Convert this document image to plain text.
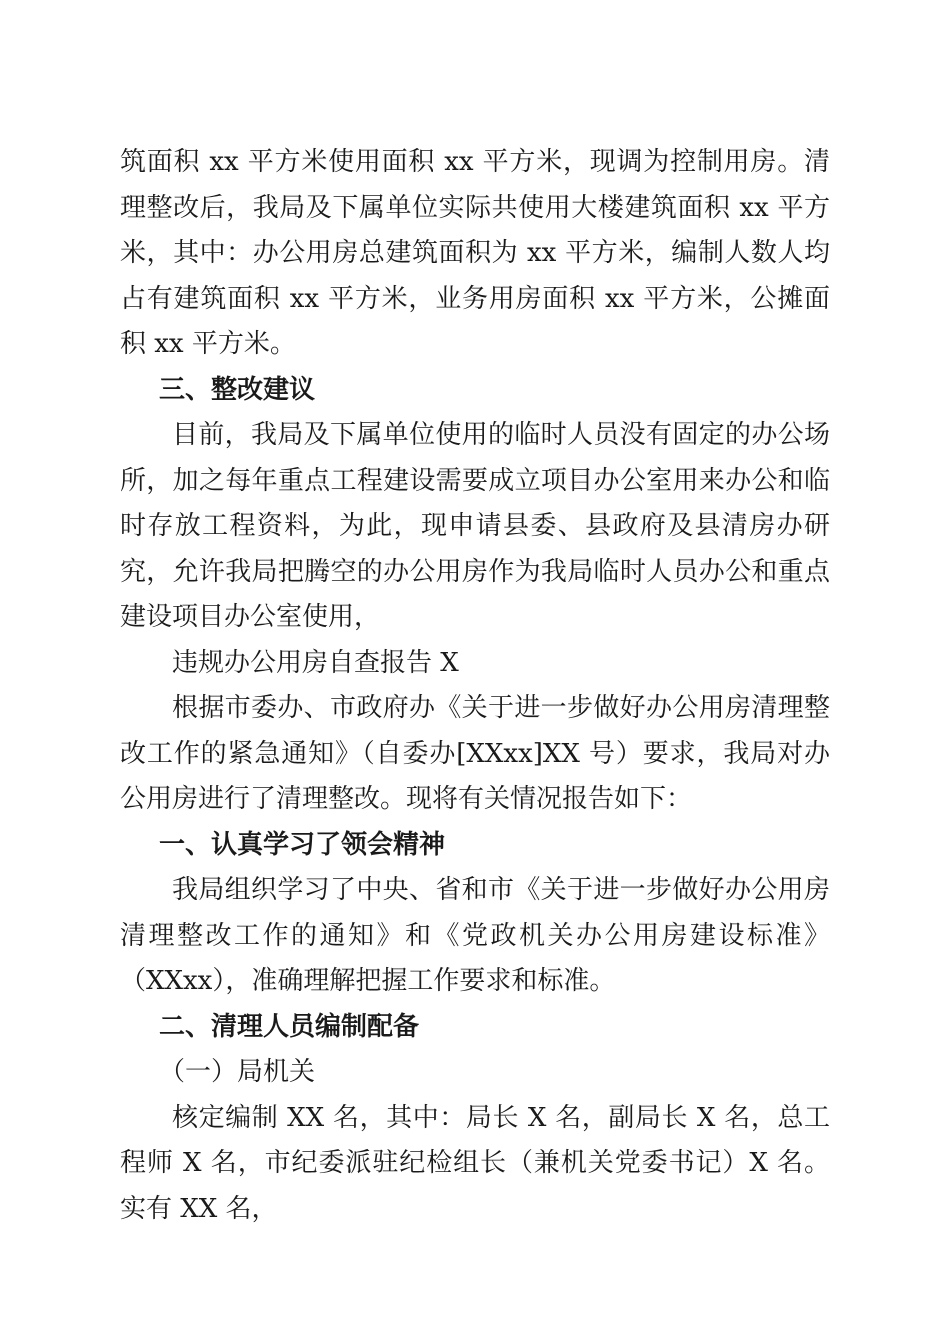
筑面积 xx 平方米使用面积 xx 平方米，现调为控制用房。清理整改后，我局及下属单位实际共使用大楼建筑面积 xx 平方米，其中：办公用房总建筑面积为 xx 平方米，编制人数人均占有建筑面积 xx 平方米，业务用房面积 xx 平方米，公摊面积 xx 平方米。

三、整改建议

目前，我局及下属单位使用的临时人员没有固定的办公场所，加之每年重点工程建设需要成立项目办公室用来办公和临时存放工程资料，为此，现申请县委、县政府及县清房办研究，允许我局把腾空的办公用房作为我局临时人员办公和重点建设项目办公室使用，

违规办公用房自查报告 X

根据市委办、市政府办《关于进一步做好办公用房清理整改工作的紧急通知》（自委办[XXxx]XX 号）要求，我局对办公用房进行了清理整改。现将有关情况报告如下：

一、认真学习了领会精神

我局组织学习了中央、省和市《关于进一步做好办公用房清理整改工作的通知》和《党政机关办公用房建设标准》（XXxx），准确理解把握工作要求和标准。

二、清理人员编制配备

（一）局机关

核定编制 XX 名，其中：局长 X 名，副局长 X 名，总工程师 X 名，市纪委派驻纪检组长（兼机关党委书记）X 名。实有 XX 名，
